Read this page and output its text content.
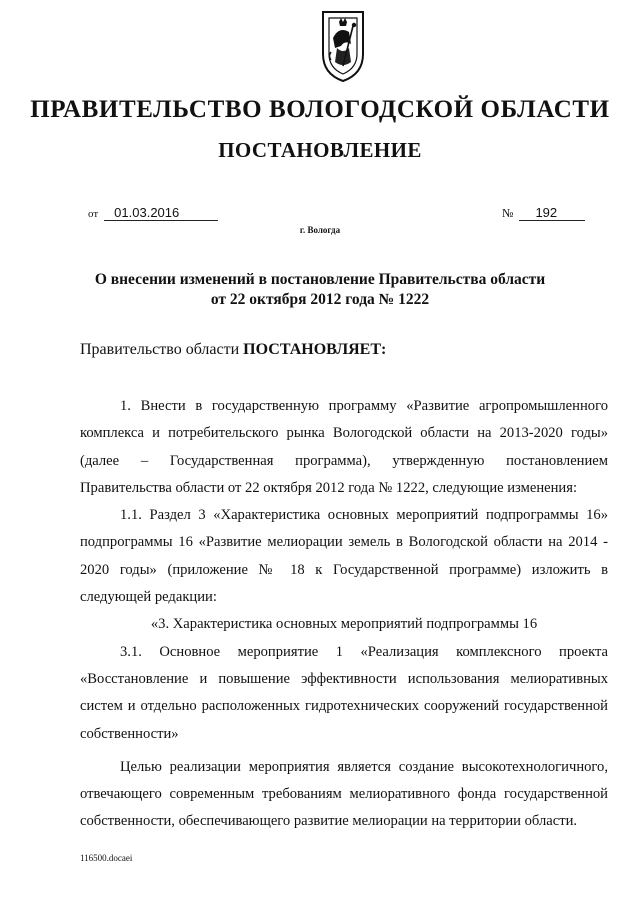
ПРАВИТЕЛЬСТВО ВОЛОГОДСКОЙ ОБЛАСТИ
ПОСТАНОВЛЕНИЕ
от 01.03.2016	№ 192
г. Вологда
О внесении изменений в постановление Правительства области
от 22 октября 2012 года № 1222
Правительство области ПОСТАНОВЛЯЕТ:

1. Внести в государственную программу «Развитие агропромышленного комплекса и потребительского рынка Вологодской области на 2013-2020 годы» (далее – Государственная программа), утвержденную постановлением Правительства области от 22 октября 2012 года № 1222, следующие изменения:

1.1. Раздел 3 «Характеристика основных мероприятий подпрограммы 16» подпрограммы 16 «Развитие мелиорации земель в Вологодской области на 2014 - 2020 годы» (приложение № 18 к Государственной программе) изложить в следующей редакции:

«3. Характеристика основных мероприятий подпрограммы 16

3.1. Основное мероприятие 1 «Реализация комплексного проекта «Восстановление и повышение эффективности использования мелиоративных систем и отдельно расположенных гидротехнических сооружений государственной собственности»

Целью реализации мероприятия является создание высокотехнологичного, отвечающего современным требованиям мелиоративного фонда государственной собственности, обеспечивающего развитие мелиорации на территории области.

116500.docaei
